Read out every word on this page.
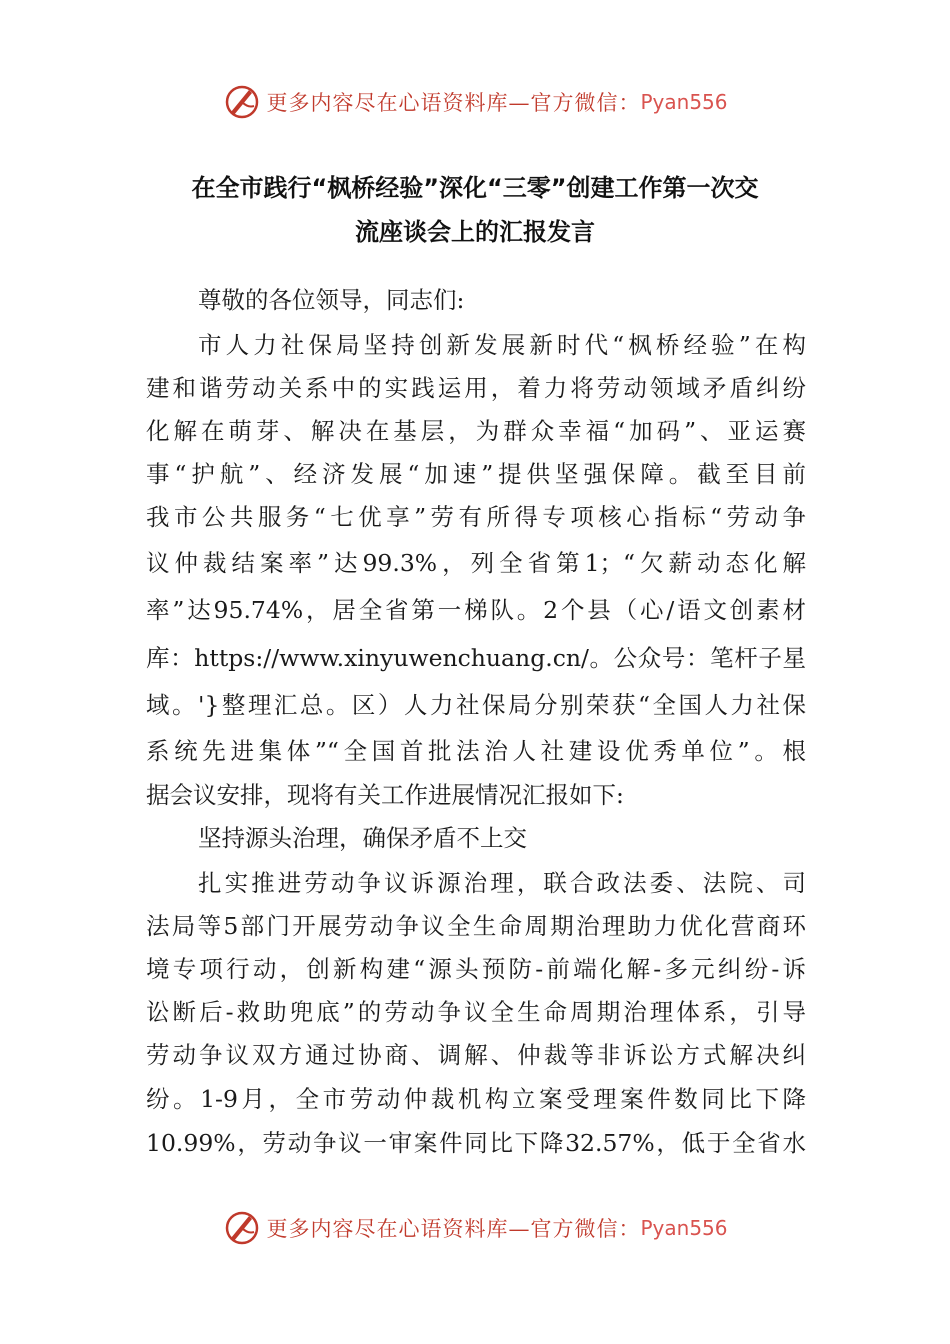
更多内容尽在心语资料库—官方微信： Pyan556
在全市践行“枫桥经验”深化“三零”创建工作第一次交
流座谈会上的汇报发言
尊敬的各位领导，同志们:
市人力社保局坚持创新发展新时代“枫桥经验”在构
建和谐劳动关系中的实践运用，着力将劳动领域矛盾纠纷
化解在萌芽、解决在基层，为群众幸福“加码”、亚运赛
事“护航”、经济发展“加速”提供坚强保障。截至目前
我市公共服务“七优享”劳有所得专项核心指标“劳动争
议仲裁结案率”达99.3%，列全省第1；“欠薪动态化解
率”达95.74%，居全省第一梯队。2个县（心/语文创素材
库：https://www.xinyuwenchuang.cn/。公众号：笔杆子星
域。'}整理汇总。区）人力社保局分别荣获“全国人力社保
系统先进集体”“全国首批法治人社建设优秀单位”。根
据会议安排，现将有关工作进展情况汇报如下:
坚持源头治理，确保矛盾不上交
扎实推进劳动争议诉源治理，联合政法委、法院、司
法局等5部门开展劳动争议全生命周期治理助力优化营商环
境专项行动，创新构建“源头预防-前端化解-多元纠纷-诉
讼断后-救助兜底”的劳动争议全生命周期治理体系，引导
劳动争议双方通过协商、调解、仲裁等非诉讼方式解决纠
纷。1-9月，全市劳动仲裁机构立案受理案件数同比下降
10.99%，劳动争议一审案件同比下降32.57%，低于全省水
更多内容尽在心语资料库—官方微信： Pyan556
